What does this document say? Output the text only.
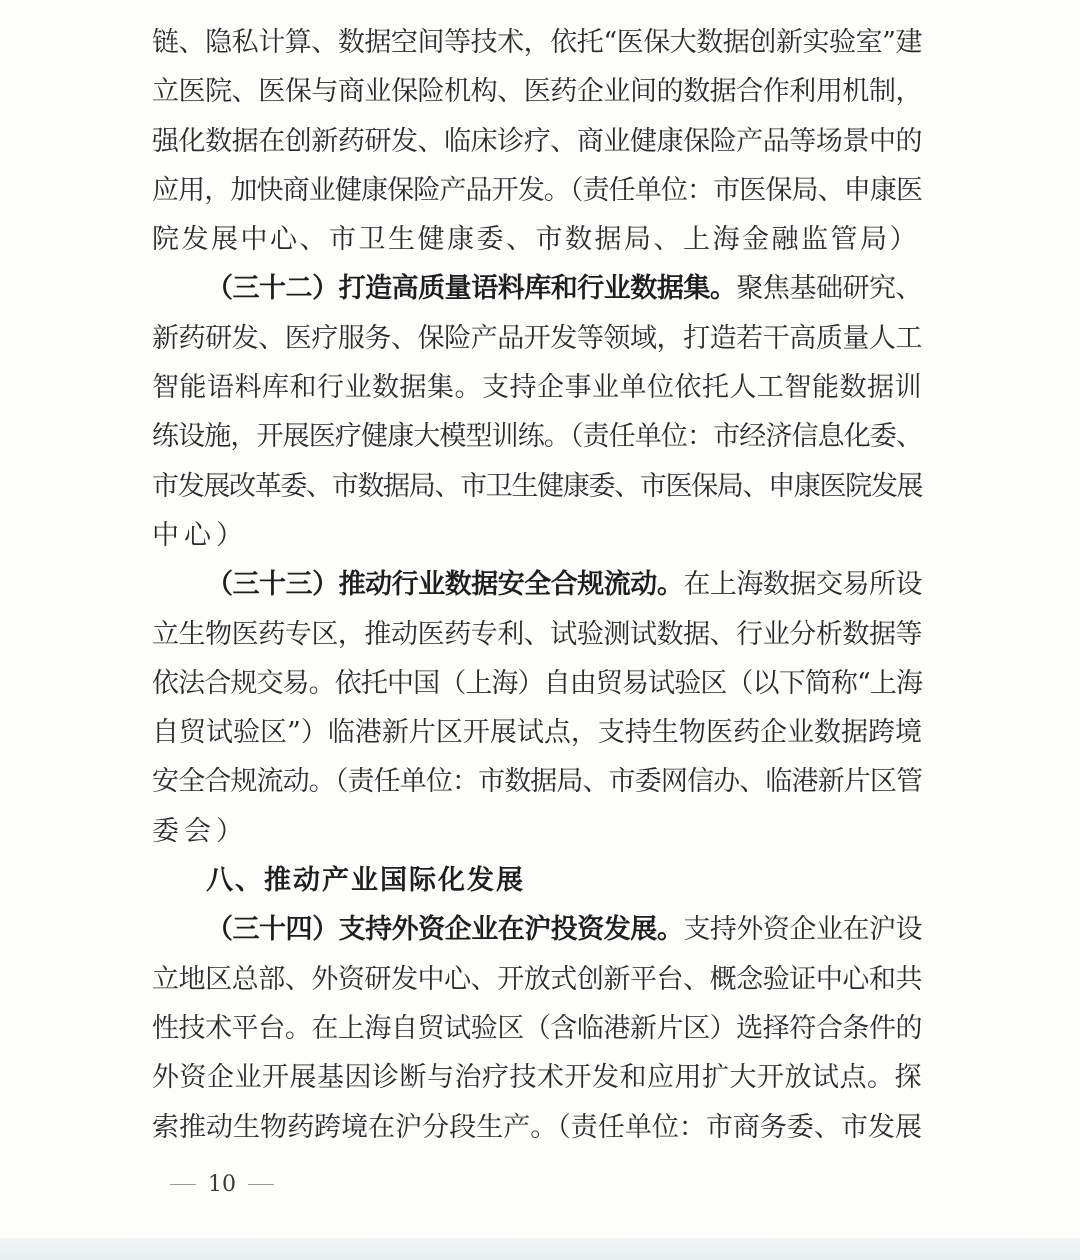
链、隐私计算、数据空间等技术，依托“医保大数据创新实验室”建
立医院、医保与商业保险机构、医药企业间的数据合作利用机制，
强化数据在创新药研发、临床诊疗、商业健康保险产品等场景中的
应用，加快商业健康保险产品开发。（责任单位：市医保局、申康医
院发展中心、市卫生健康委、市数据局、上海金融监管局）
（三十二）打造高质量语料库和行业数据集。聚焦基础研究、
新药研发、医疗服务、保险产品开发等领域，打造若干高质量人工
智能语料库和行业数据集。支持企事业单位依托人工智能数据训
练设施，开展医疗健康大模型训练。（责任单位：市经济信息化委、
市发展改革委、市数据局、市卫生健康委、市医保局、申康医院发展
中心）
（三十三）推动行业数据安全合规流动。在上海数据交易所设
立生物医药专区，推动医药专利、试验测试数据、行业分析数据等
依法合规交易。依托中国（上海）自由贸易试验区（以下简称“上海
自贸试验区”）临港新片区开展试点，支持生物医药企业数据跨境
安全合规流动。（责任单位：市数据局、市委网信办、临港新片区管
委会）
八、推动产业国际化发展
（三十四）支持外资企业在沪投资发展。支持外资企业在沪设
立地区总部、外资研发中心、开放式创新平台、概念验证中心和共
性技术平台。在上海自贸试验区（含临港新片区）选择符合条件的
外资企业开展基因诊断与治疗技术开发和应用扩大开放试点。探
索推动生物药跨境在沪分段生产。（责任单位：市商务委、市发展
10
